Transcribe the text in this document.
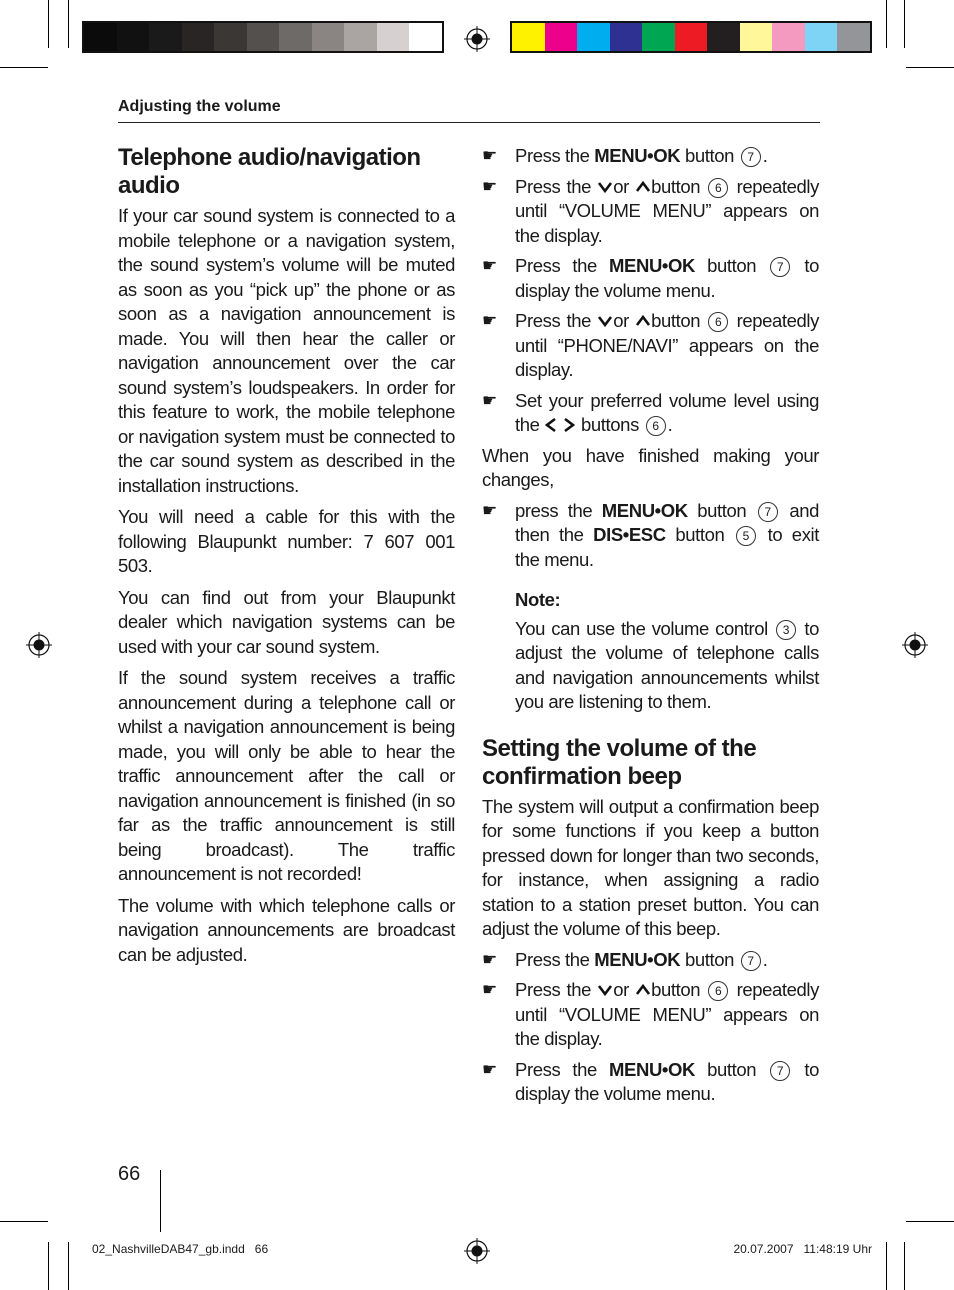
Adjusting the volume
Telephone audio/navigation audio

If your car sound system is connected to a mobile telephone or a navigation system, the sound system’s volume will be muted as soon as you “pick up” the phone or as soon as a navigation announcement is made. You will then hear the caller or navigation announcement over the car sound system’s loudspeakers. In order for this feature to work, the mobile telephone or navigation system must be connected to the car sound system as described in the installation instructions.

You will need a cable for this with the following Blaupunkt number: 7 607 001 503.

You can find out from your Blaupunkt dealer which navigation systems can be used with your car sound system.

If the sound system receives a traffic announcement during a telephone call or whilst a navigation announcement is being made, you will only be able to hear the traffic announcement after the call or navigation announcement is finished (in so far as the traffic announcement is still being broadcast). The traffic announcement is not recorded!

The volume with which telephone calls or navigation announcements are broadcast can be adjusted.

☛ Press the MENU•OK button 7 .
☛ Press the or button 6 repeatedly until “VOLUME MENU” appears on the display.
☛ Press the MENU•OK button 7 to display the volume menu.
☛ Press the or button 6 repeatedly until “PHONE/NAVI” appears on the display.
☛ Set your preferred volume level using the buttons 6 .

When you have finished making your changes,

☛ press the MENU•OK button 7 and then the DIS•ESC button 5 to exit the menu.
Note:
You can use the volume control 3 to adjust the volume of telephone calls and navigation announcements whilst you are listening to them.
Setting the volume of the confirmation beep

The system will output a confirmation beep for some functions if you keep a button pressed down for longer than two seconds, for instance, when assigning a radio station to a station preset button. You can adjust the volume of this beep.

☛ Press the MENU•OK button 7 .
☛ Press the or button 6 repeatedly until “VOLUME MENU” appears on the display.
☛ Press the MENU•OK button 7 to display the volume menu.
66
02_NashvilleDAB47_gb.indd   66	20.07.2007   11:48:19 Uhr
